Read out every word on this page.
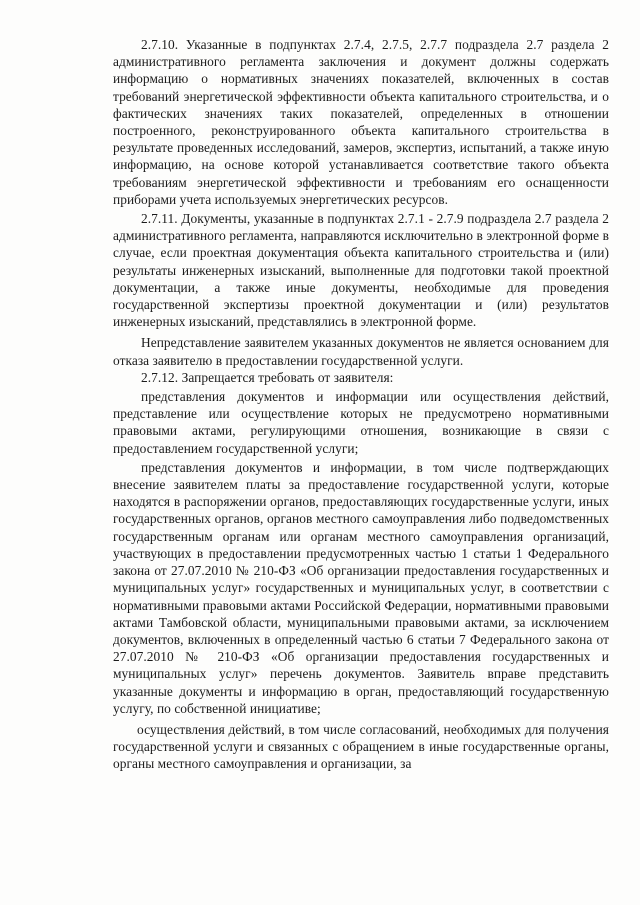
2.7.10. Указанные в подпунктах 2.7.4, 2.7.5, 2.7.7 подраздела 2.7 раздела 2 административного регламента заключения и документ должны содержать информацию о нормативных значениях показателей, включенных в состав требований энергетической эффективности объекта капитального строительства, и о фактических значениях таких показателей, определенных в отношении построенного, реконструированного объекта капитального строительства в результате проведенных исследований, замеров, экспертиз, испытаний, а также иную информацию, на основе которой устанавливается соответствие такого объекта требованиям энергетической эффективности и требованиям его оснащенности приборами учета используемых энергетических ресурсов.

2.7.11. Документы, указанные в подпунктах 2.7.1 - 2.7.9 подраздела 2.7 раздела 2 административного регламента, направляются исключительно в электронной форме в случае, если проектная документация объекта капитального строительства и (или) результаты инженерных изысканий, выполненные для подготовки такой проектной документации, а также иные документы, необходимые для проведения государственной экспертизы проектной документации и (или) результатов инженерных изысканий, представлялись в электронной форме.

Непредставление заявителем указанных документов не является основанием для отказа заявителю в предоставлении государственной услуги.

2.7.12. Запрещается требовать от заявителя:

представления документов и информации или осуществления действий, представление или осуществление которых не предусмотрено нормативными правовыми актами, регулирующими отношения, возникающие в связи с предоставлением государственной услуги;

представления документов и информации, в том числе подтверждающих внесение заявителем платы за предоставление государственной услуги, которые находятся в распоряжении органов, предоставляющих государственные услуги, иных государственных органов, органов местного самоуправления либо подведомственных государственным органам или органам местного самоуправления организаций, участвующих в предоставлении предусмотренных частью 1 статьи 1 Федерального закона от 27.07.2010 № 210-ФЗ «Об организации предоставления государственных и муниципальных услуг» государственных и муниципальных услуг, в соответствии с нормативными правовыми актами Российской Федерации, нормативными правовыми актами Тамбовской области, муниципальными правовыми актами, за исключением документов, включенных в определенный частью 6 статьи 7 Федерального закона от 27.07.2010 № 210-ФЗ «Об организации предоставления государственных и муниципальных услуг» перечень документов. Заявитель вправе представить указанные документы и информацию в орган, предоставляющий государственную услугу, по собственной инициативе;

осуществления действий, в том числе согласований, необходимых для получения государственной услуги и связанных с обращением в иные государственные органы, органы местного самоуправления и организации, за
